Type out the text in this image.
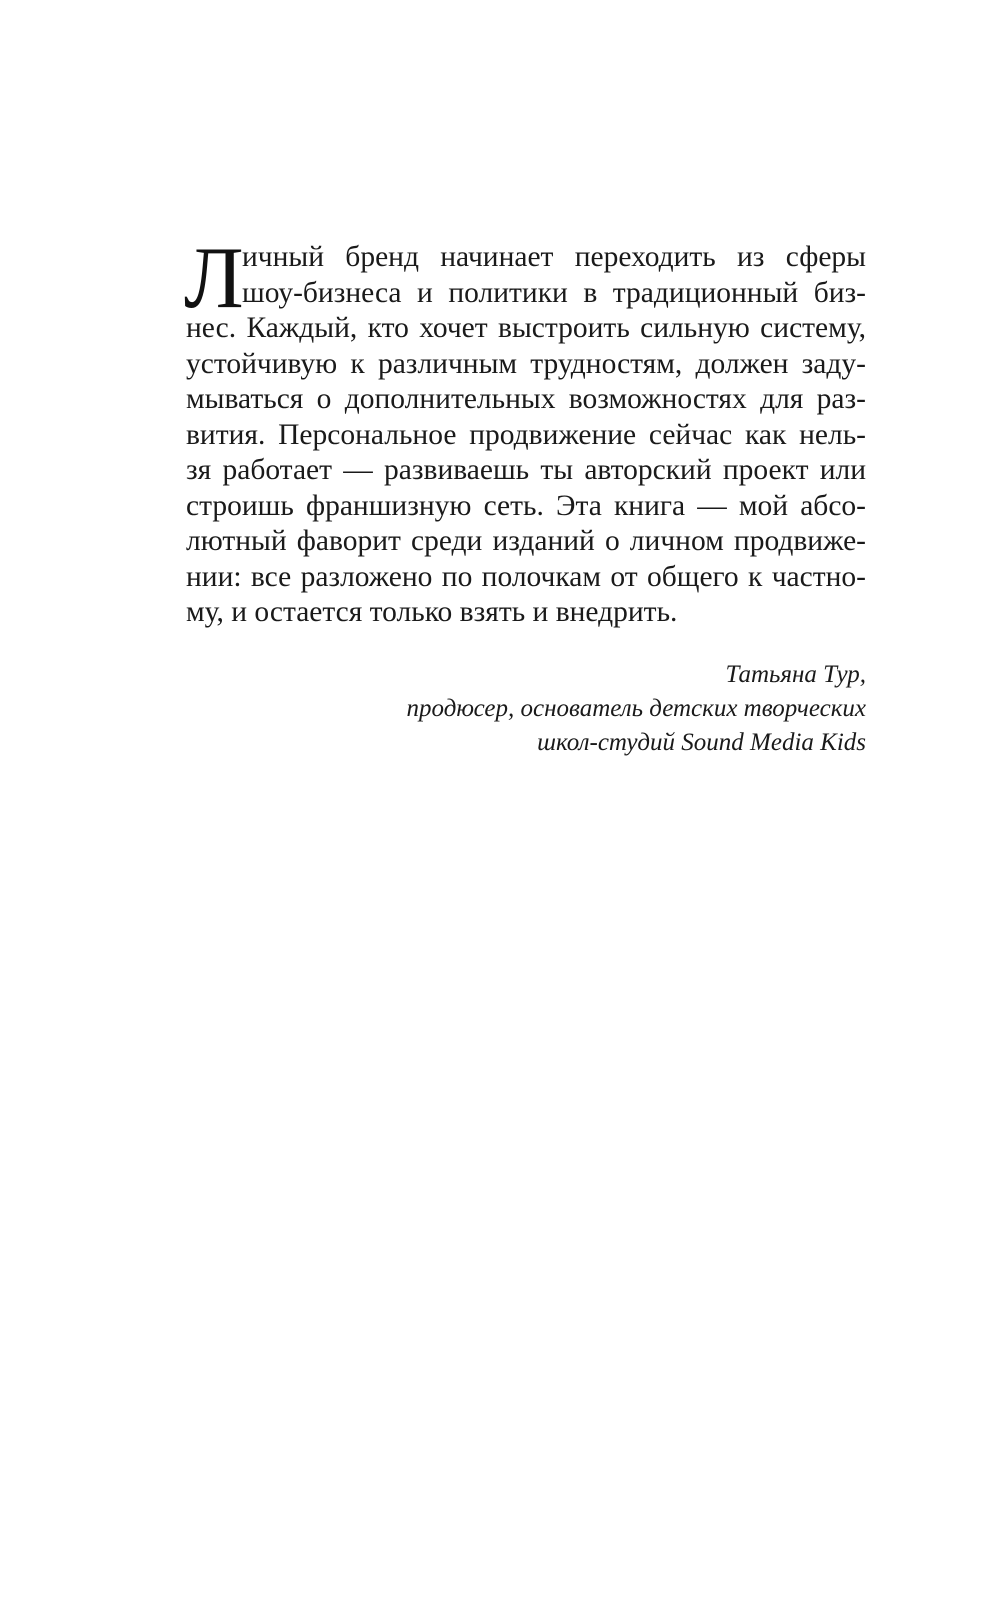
Л
ичный бренд начинает переходить из сферы
шоу-бизнеса и политики в традиционный биз-
нес. Каждый, кто хочет выстроить сильную систему,
устойчивую к различным трудностям, должен заду-
мываться о дополнительных возможностях для раз-
вития. Персональное продвижение сейчас как нель-
зя работает — развиваешь ты авторский проект или
строишь франшизную сеть. Эта книга — мой абсо-
лютный фаворит среди изданий о личном продвиже-
нии: все разложено по полочкам от общего к частно-
му, и остается только взять и внедрить.
Татьяна Тур,
продюсер, основатель детских творческих
школ-студий Sound Media Kids
